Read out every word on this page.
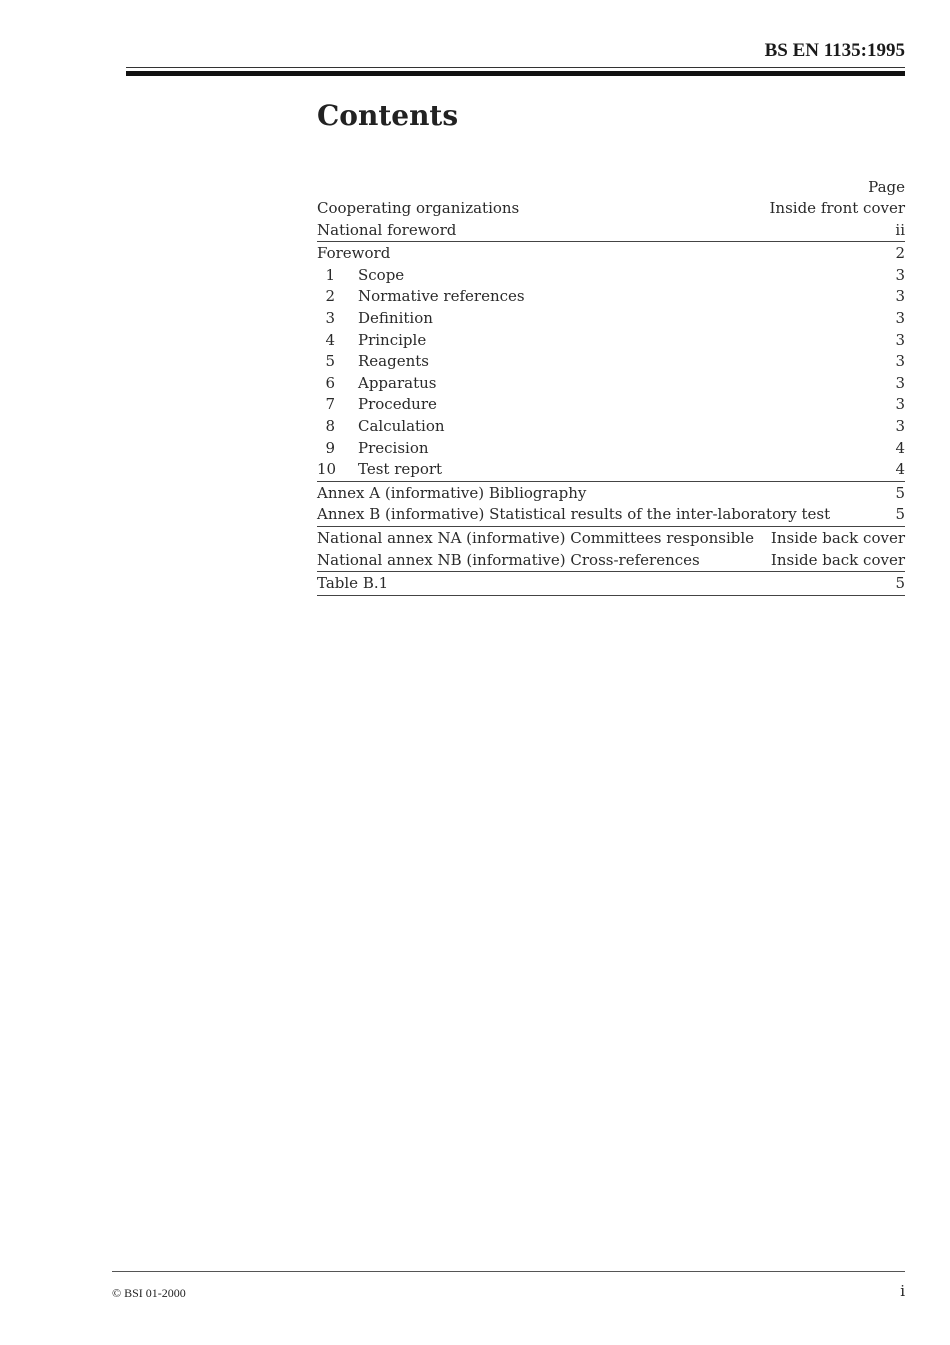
BS EN 1135:1995
Contents
Page
Cooperating organizations	Inside front cover
National foreword	ii
Foreword	2
1 Scope	3
2 Normative references	3
3 Definition	3
4 Principle	3
5 Reagents	3
6 Apparatus	3
7 Procedure	3
8 Calculation	3
9 Precision	4
10 Test report	4
Annex A (informative) Bibliography	5
Annex B (informative) Statistical results of the inter-laboratory test	5
National annex NA (informative) Committees responsible Inside back cover
National annex NB (informative) Cross-references	Inside back cover
Table B.1	5
© BSI 01-2000	i
